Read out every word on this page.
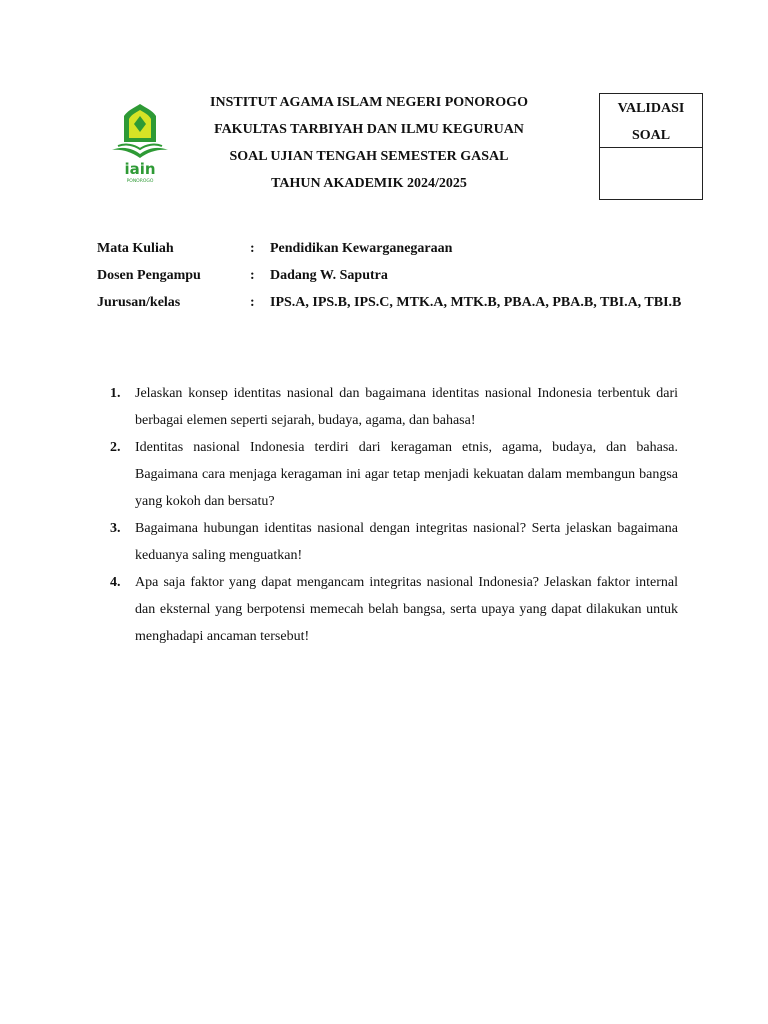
iain
PONOROGO
INSTITUT AGAMA ISLAM NEGERI PONOROGO
FAKULTAS TARBIYAH DAN ILMU KEGURUAN
SOAL UJIAN TENGAH SEMESTER GASAL
TAHUN AKADEMIK 2024/2025
VALIDASI
SOAL
Mata Kuliah	: Pendidikan Kewarganegaraan
Dosen Pengampu	: Dadang W. Saputra
Jurusan/kelas	: IPS.A, IPS.B, IPS.C, MTK.A, MTK.B, PBA.A, PBA.B, TBI.A, TBI.B
1. Jelaskan konsep identitas nasional dan bagaimana identitas nasional Indonesia terbentuk dari berbagai elemen seperti sejarah, budaya, agama, dan bahasa!
2. Identitas nasional Indonesia terdiri dari keragaman etnis, agama, budaya, dan bahasa. Bagaimana cara menjaga keragaman ini agar tetap menjadi kekuatan dalam membangun bangsa yang kokoh dan bersatu?
3. Bagaimana hubungan identitas nasional dengan integritas nasional? Serta jelaskan bagaimana keduanya saling menguatkan!
4. Apa saja faktor yang dapat mengancam integritas nasional Indonesia? Jelaskan faktor internal dan eksternal yang berpotensi memecah belah bangsa, serta upaya yang dapat dilakukan untuk menghadapi ancaman tersebut!
